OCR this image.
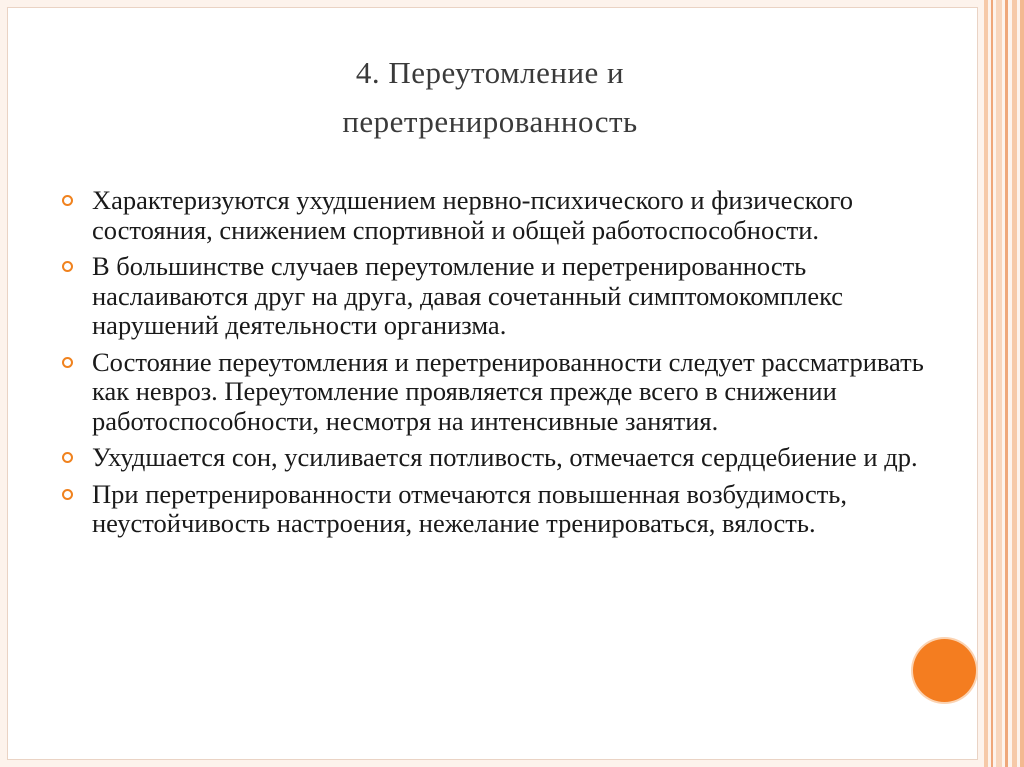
4. Переутомление и
перетренированность
Характеризуются ухудшением нервно-психического и физического состояния, снижением спортивной и общей работоспособности.
В большинстве случаев переутомление и перетренированность наслаиваются друг на друга, давая сочетанный симптомокомплекс нарушений деятельности организма.
Состояние переутомления и перетренированности следует рассматривать как невроз. Переутомление проявляется прежде всего в снижении работоспособности, несмотря на интенсивные занятия.
Ухудшается сон, усиливается потливость, отмечается сердцебиение и др.
При перетренированности отмечаются повышенная возбудимость, неустойчивость настроения, нежелание тренироваться, вялость.
